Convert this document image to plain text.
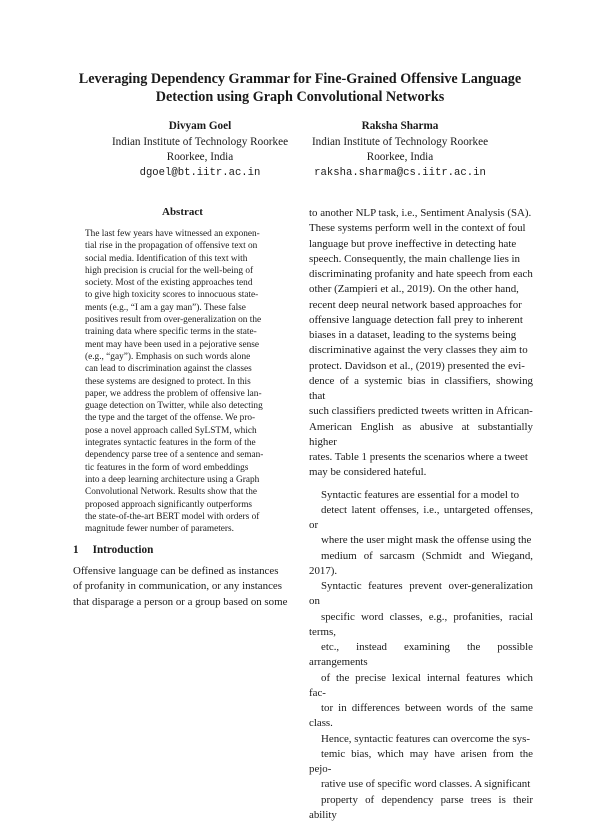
Leveraging Dependency Grammar for Fine-Grained Offensive Language
Detection using Graph Convolutional Networks
Divyam Goel
Indian Institute of Technology Roorkee
Roorkee, India
dgoel@bt.iitr.ac.in
Raksha Sharma
Indian Institute of Technology Roorkee
Roorkee, India
raksha.sharma@cs.iitr.ac.in
Abstract
The last few years have witnessed an exponen-
tial rise in the propagation of offensive text on
social media. Identification of this text with
high precision is crucial for the well-being of
society. Most of the existing approaches tend
to give high toxicity scores to innocuous state-
ments (e.g., “I am a gay man”). These false
positives result from over-generalization on the
training data where specific terms in the state-
ment may have been used in a pejorative sense
(e.g., “gay”). Emphasis on such words alone
can lead to discrimination against the classes
these systems are designed to protect. In this
paper, we address the problem of offensive lan-
guage detection on Twitter, while also detecting
the type and the target of the offense. We pro-
pose a novel approach called SyLSTM, which
integrates syntactic features in the form of the
dependency parse tree of a sentence and seman-
tic features in the form of word embeddings
into a deep learning architecture using a Graph
Convolutional Network. Results show that the
proposed approach significantly outperforms
the state-of-the-art BERT model with orders of
magnitude fewer number of parameters.
1 Introduction
Offensive language can be defined as instances
of profanity in communication, or any instances
that disparage a person or a group based on some

to another NLP task, i.e., Sentiment Analysis (SA).
These systems perform well in the context of foul
language but prove ineffective in detecting hate
speech. Consequently, the main challenge lies in
discriminating profanity and hate speech from each
other (Zampieri et al., 2019). On the other hand,
recent deep neural network based approaches for
offensive language detection fall prey to inherent
biases in a dataset, leading to the systems being
discriminative against the very classes they aim to
protect. Davidson et al., (2019) presented the evi-
dence of a systemic bias in classifiers, showing that
such classifiers predicted tweets written in African-
American English as abusive at substantially higher
rates. Table 1 presents the scenarios where a tweet
may be considered hateful.

Syntactic features are essential for a model to
detect latent offenses, i.e., untargeted offenses, or
where the user might mask the offense using the
medium of sarcasm (Schmidt and Wiegand, 2017).
Syntactic features prevent over-generalization on
specific word classes, e.g., profanities, racial terms,
etc., instead examining the possible arrangements
of the precise lexical internal features which fac-
tor in differences between words of the same class.
Hence, syntactic features can overcome the sys-
temic bias, which may have arisen from the pejo-
rative use of specific word classes. A significant
property of dependency parse trees is their ability
